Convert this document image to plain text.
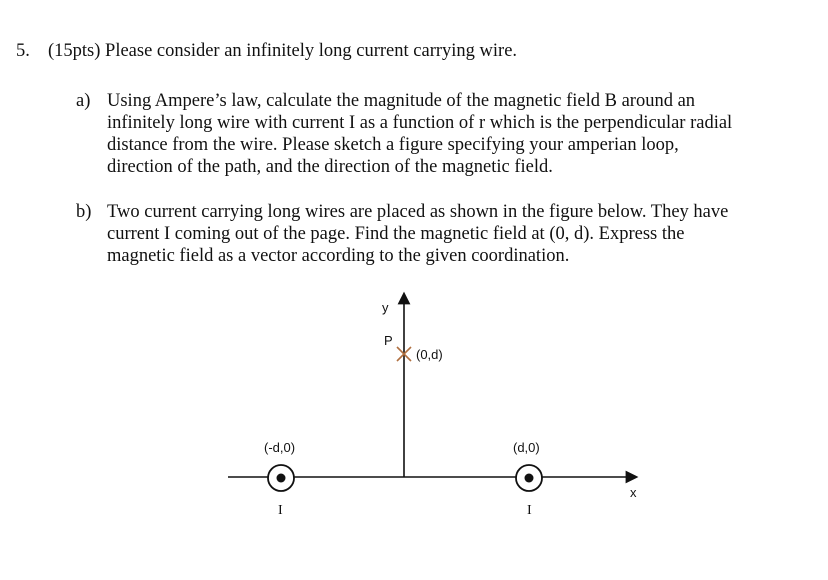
5. (15pts) Please consider an infinitely long current carrying wire.
a) Using Ampere’s law, calculate the magnitude of the magnetic field B around an
infinitely long wire with current I as a function of r which is the perpendicular radial
distance from the wire. Please sketch a figure specifying your amperian loop,
direction of the path, and the direction of the magnetic field.
b) Two current carrying long wires are placed as shown in the figure below. They have
current I coming out of the page. Find the magnetic field at (0, d). Express the
magnetic field as a vector according to the given coordination.
x
y
P
(0,d)
(-d,0)
I
(d,0)
I
